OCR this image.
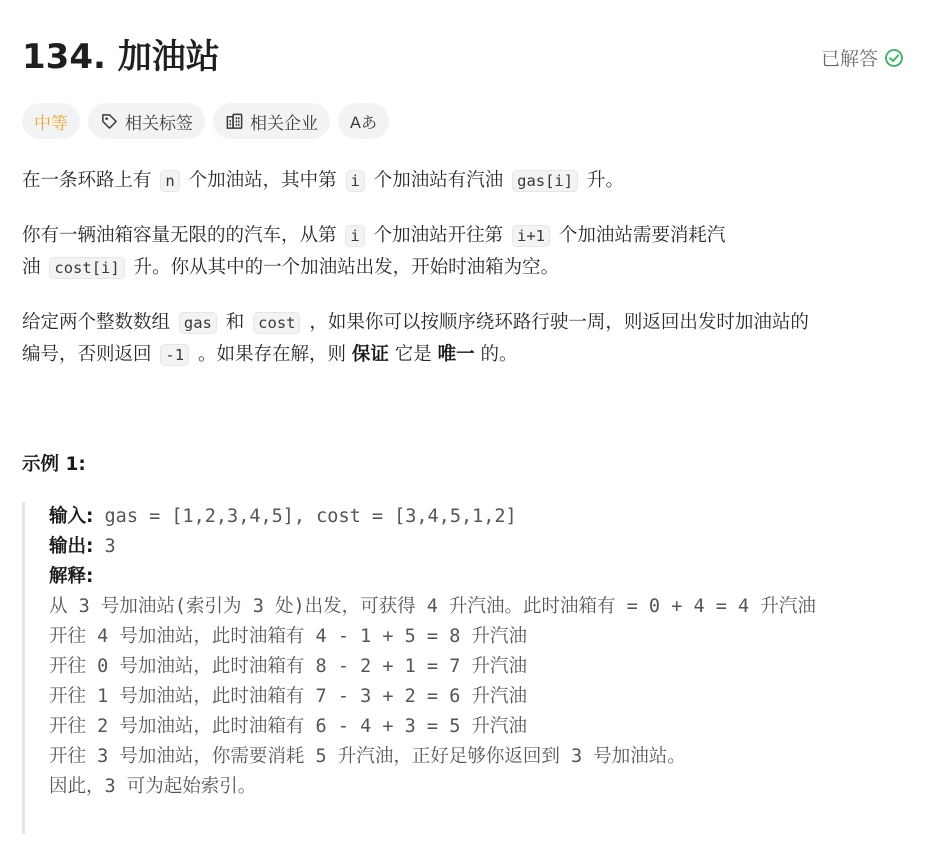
134. 加油站	已解答
中等	相关标签	相关企业 Aあ
在一条环路上有 n 个加油站，其中第 i 个加油站有汽油 gas[i] 升。
你有一辆油箱容量无限的的汽车，从第 i 个加油站开往第 i+1 个加油站需要消耗汽
油 cost[i] 升。你从其中的一个加油站出发，开始时油箱为空。
给定两个整数数组 gas 和 cost ，如果你可以按顺序绕环路行驶一周，则返回出发时加油站的
编号，否则返回 -1 。如果存在解，则 保证 它是 唯一 的。
示例 1:
输入: gas = [1,2,3,4,5], cost = [3,4,5,1,2]
输出: 3
解释:
从 3 号加油站(索引为 3 处)出发，可获得 4 升汽油。此时油箱有 = 0 + 4 = 4 升汽油
开往 4 号加油站，此时油箱有 4 - 1 + 5 = 8 升汽油
开往 0 号加油站，此时油箱有 8 - 2 + 1 = 7 升汽油
开往 1 号加油站，此时油箱有 7 - 3 + 2 = 6 升汽油
开往 2 号加油站，此时油箱有 6 - 4 + 3 = 5 升汽油
开往 3 号加油站，你需要消耗 5 升汽油，正好足够你返回到 3 号加油站。
因此，3 可为起始索引。
